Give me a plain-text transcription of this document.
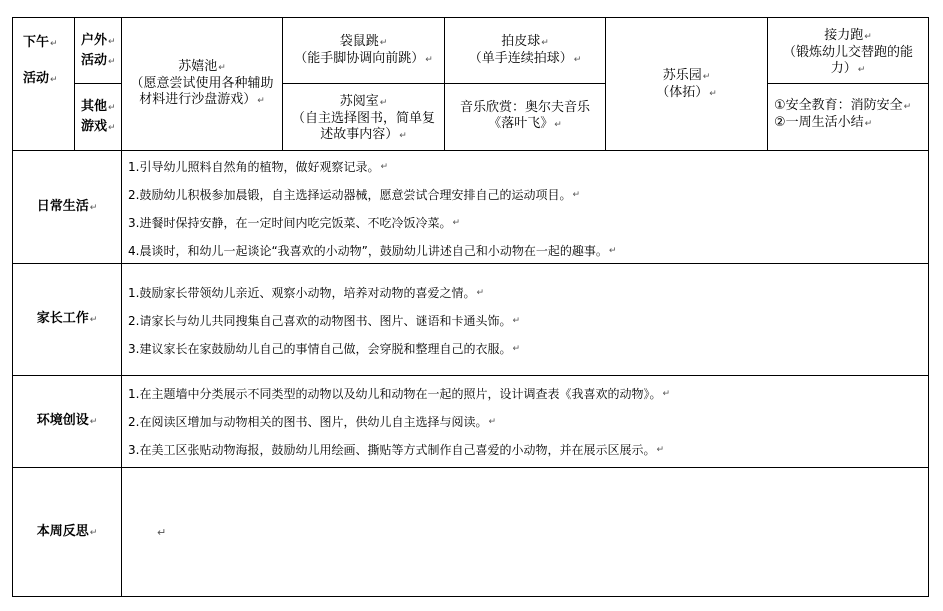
下午↵
活动↵
户外↵
活动↵
其他↵
游戏↵
苏嬉池↵
（愿意尝试使用各种辅助材料进行沙盘游戏）↵
袋鼠跳↵
（能手脚协调向前跳）↵
拍皮球↵
（单手连续拍球）↵
苏乐园↵
（体拓）↵
接力跑↵
（锻炼幼儿交替跑的能力）↵
苏阅室↵
（自主选择图书，简单复述故事内容）↵
音乐欣赏：奥尔夫音乐《落叶飞》↵
①安全教育：消防安全↵
②一周生活小结↵
日常生活↵
1.引导幼儿照料自然角的植物，做好观察记录。 ↵
2.鼓励幼儿积极参加晨锻，自主选择运动器械，愿意尝试合理安排自己的运动项目。 ↵
3.进餐时保持安静，在一定时间内吃完饭菜、不吃冷饭冷菜。 ↵
4.晨谈时，和幼儿一起谈论“我喜欢的小动物”，鼓励幼儿讲述自己和小动物在一起的趣事。 ↵
家长工作↵
1.鼓励家长带领幼儿亲近、观察小动物，培养对动物的喜爱之情。 ↵
2.请家长与幼儿共同搜集自己喜欢的动物图书、图片、谜语和卡通头饰。 ↵
3.建议家长在家鼓励幼儿自己的事情自己做，会穿脱和整理自己的衣服。 ↵
环境创设↵
1.在主题墙中分类展示不同类型的动物以及幼儿和动物在一起的照片，设计调查表《我喜欢的动物》。 ↵
2.在阅读区增加与动物相关的图书、图片，供幼儿自主选择与阅读。 ↵
3.在美工区张贴动物海报，鼓励幼儿用绘画、撕贴等方式制作自己喜爱的小动物，并在展示区展示。 ↵
本周反思↵	↵
